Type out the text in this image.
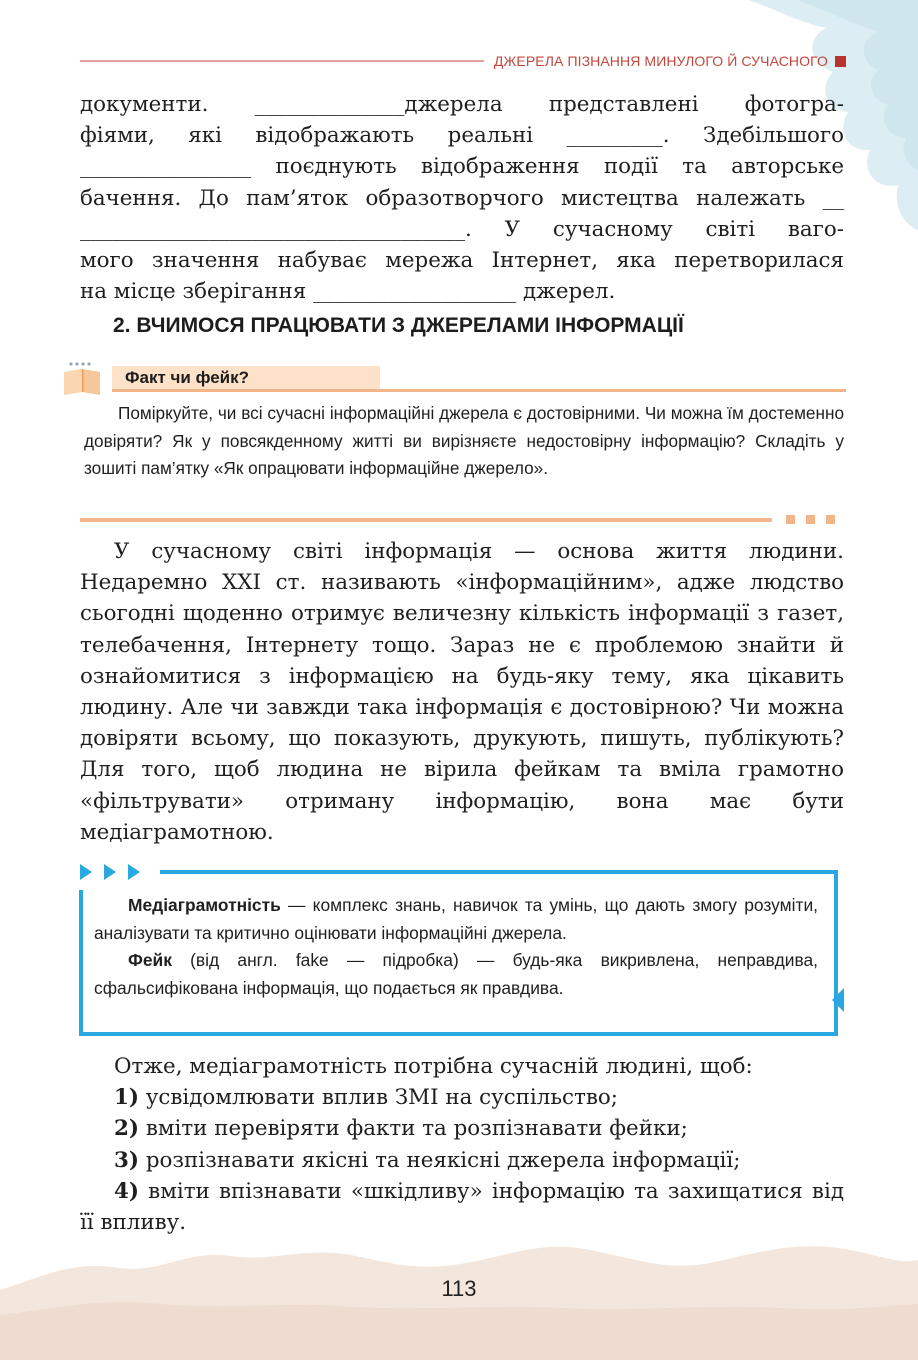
ДЖЕРЕЛА ПІЗНАННЯ МИНУЛОГО Й СУЧАСНОГО

документи. ______________джерела представлені фотогра-

фіями, які відображають реальні _________. Здебільшого

________________ поєднують відображення події та авторське

бачення. До пам’яток образотворчого мистецтва належать __

____________________________________. У сучасному світі ваго-

мого значення набуває мережа Інтернет, яка перетворилася

на місце зберігання ___________________ джерел.

2. ВЧИМОСЯ ПРАЦЮВАТИ З ДЖЕРЕЛАМИ ІНФОРМАЦІЇ
Факт чи фейк?

Поміркуйте, чи всі сучасні інформаційні джерела є достовірними. Чи можна їм достеменно довіряти? Як у повсякденному житті ви вирізняєте недостовірну інформацію? Складіть у зошиті пам’ятку «Як опрацювати інформаційне джерело».

У сучасному світі інформація — основа життя людини. Недаремно XXI ст. називають «інформаційним», адже людство сьогодні щоденно отримує величезну кількість інформації з газет, телебачення, Інтернету тощо. Зараз не є проблемою знайти й ознайомитися з інформацією на будь-яку тему, яка цікавить людину. Але чи завжди така інформація є достовірною? Чи можна довіряти всьому, що показують, друкують, пишуть, публікують? Для того, щоб людина не вірила фейкам та вміла грамотно «фільтрувати» отриману інформацію, вона має бути медіаграмотною.

Медіаграмотність — комплекс знань, навичок та умінь, що дають змогу розуміти, аналізувати та критично оцінювати інформаційні джерела.

Фейк (від англ. fake — підробка) — будь-яка викривлена, неправдива, сфальсифікована інформація, що подається як правдива.

Отже, медіаграмотність потрібна сучасній людині, щоб:

1) усвідомлювати вплив ЗМІ на суспільство;

2) вміти перевіряти факти та розпізнавати фейки;

3) розпізнавати якісні та неякісні джерела інформації;

4) вміти впізнавати «шкідливу» інформацію та захищатися від її впливу.

113
